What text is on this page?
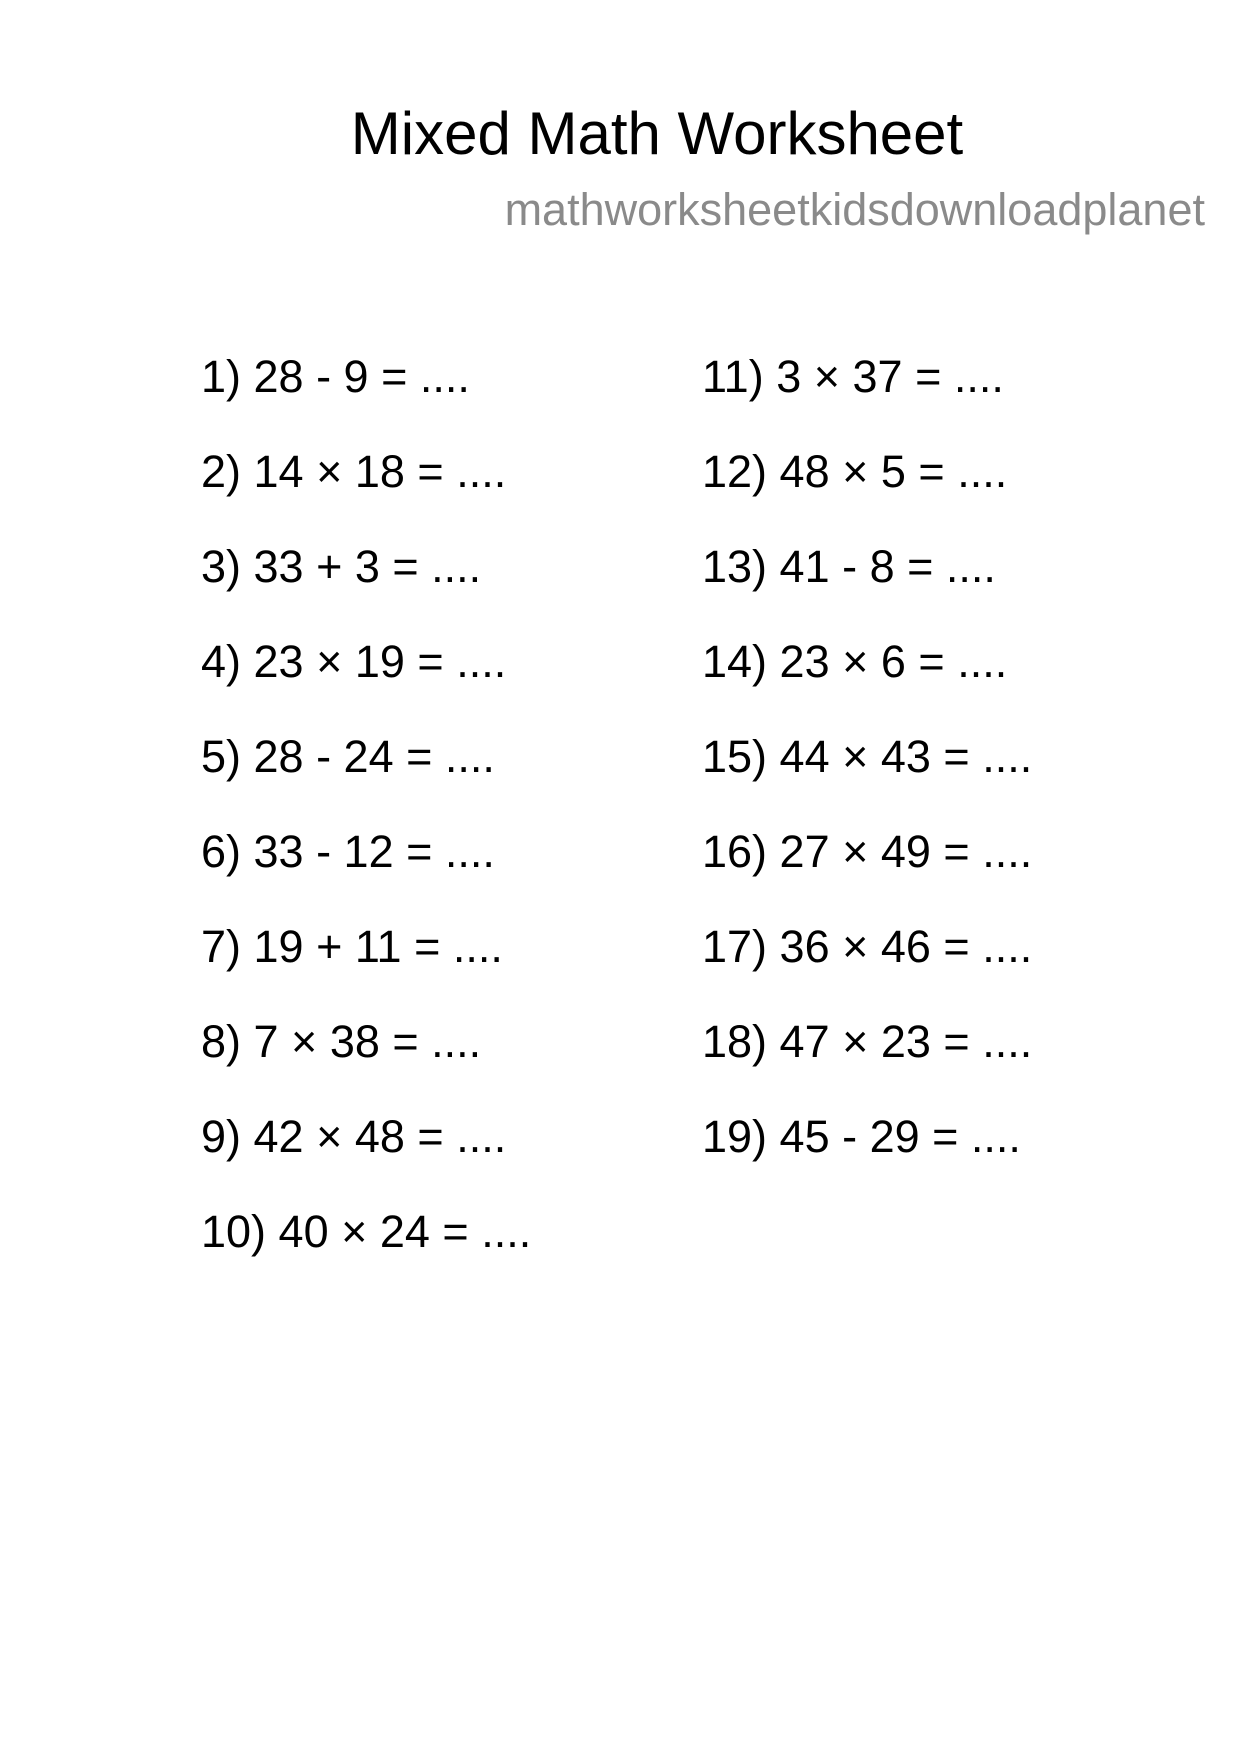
Mixed Math Worksheet

mathworksheetkidsdownloadplanet

1) 28 - 9 = ....
2) 14 × 18 = ....
3) 33 + 3 = ....
4) 23 × 19 = ....
5) 28 - 24 = ....
6) 33 - 12 = ....
7) 19 + 11 = ....
8) 7 × 38 = ....
9) 42 × 48 = ....
10) 40 × 24 = ....
11) 3 × 37 = ....
12) 48 × 5 = ....
13) 41 - 8 = ....
14) 23 × 6 = ....
15) 44 × 43 = ....
16) 27 × 49 = ....
17) 36 × 46 = ....
18) 47 × 23 = ....
19) 45 - 29 = ....
